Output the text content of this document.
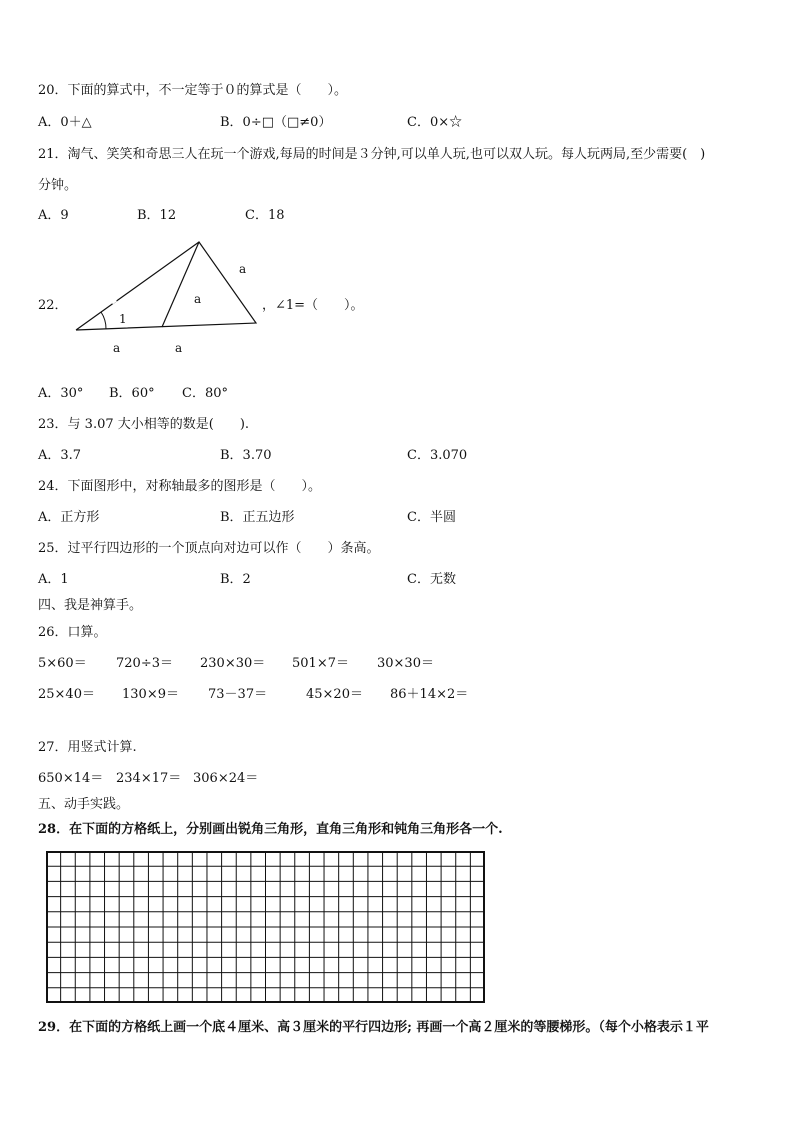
20．下面的算式中，不一定等于０的算式是（　　）。
A．0＋△	B．0÷□（□≠0）	C．0×☆
21．淘气、笑笑和奇思三人在玩一个游戏,每局的时间是３分钟,可以单人玩,也可以双人玩。每人玩两局,至少需要(　)
分钟。
A．9	B．12	C．18
22．
a
a
a	a
1
，∠1=（　　）。
A．30° B．60° C．80°
23．与 3.07 大小相等的数是(　　).
A．3.7	B．3.70	C．3.070
24．下面图形中，对称轴最多的图形是（　　）。
A．正方形	B．正五边形	C．半圆
25．过平行四边形的一个顶点向对边可以作（　　）条高。
A．1	B．2	C．无数
四、我是神算手。
26．口算。
5×60＝ 720÷3＝ 230×30＝ 501×7＝ 30×30＝
25×40＝ 130×9＝ 73－37＝	45×20＝ 86＋14×2＝
27．用竖式计算.
650×14＝ 234×17＝ 306×24＝
五、动手实践。
28．在下面的方格纸上，分别画出锐角三角形，直角三角形和钝角三角形各一个.
29．在下面的方格纸上画一个底４厘米、高３厘米的平行四边形; 再画一个高２厘米的等腰梯形。（每个小格表示１平
